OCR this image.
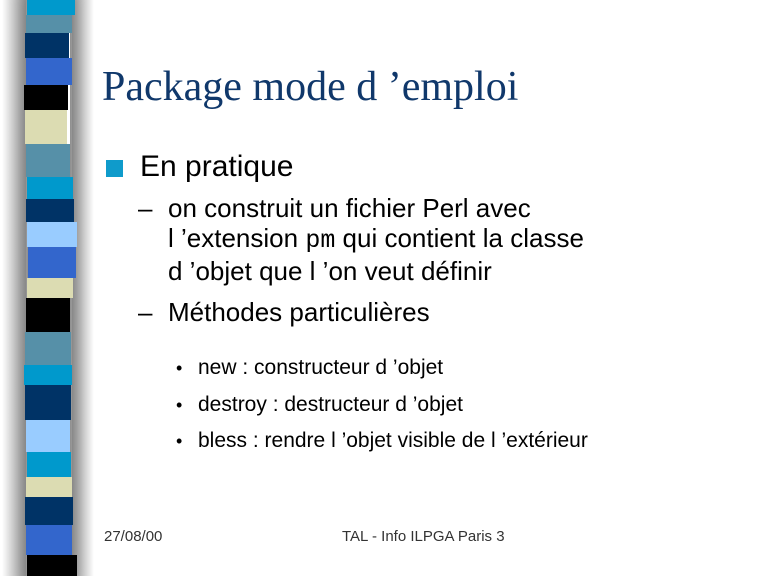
Package mode d ’emploi
En pratique
– on construit un fichier Perl avec
l ’extension pm qui contient la classe
d ’objet que l ’on veut définir
– Méthodes particulières
• new : constructeur d ’objet
• destroy : destructeur d ’objet
• bless : rendre l ’objet visible de l ’extérieur
27/08/00	TAL - Info ILPGA Paris 3
